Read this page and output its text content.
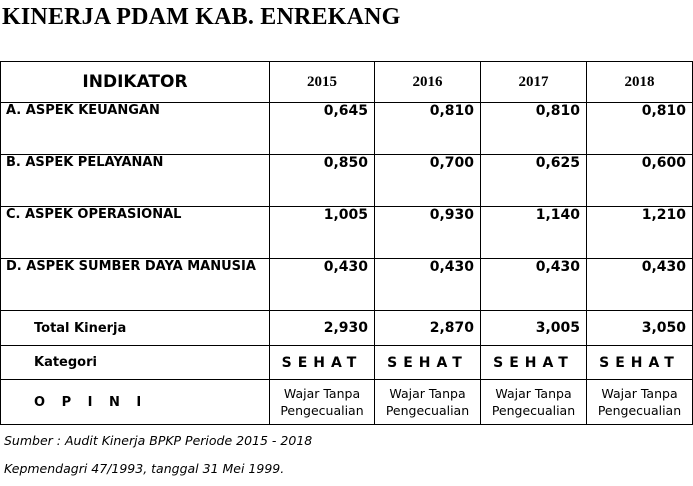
KINERJA PDAM KAB. ENREKANG
INDIKATOR	2015	2016	2017	2018
A. ASPEK KEUANGAN	0,645	0,810	0,810	0,810
B. ASPEK PELAYANAN	0,850	0,700	0,625	0,600
C. ASPEK OPERASIONAL	1,005	0,930	1,140	1,210
D. ASPEK SUMBER DAYA MANUSIA	0,430	0,430	0,430	0,430
Total Kinerja	2,930	2,870	3,005	3,050
Kategori	SEHAT	SEHAT	SEHAT	SEHAT
O P I N I	Wajar Tanpa Pengecualian	Wajar Tanpa Pengecualian	Wajar Tanpa Pengecualian	Wajar Tanpa Pengecualian
Sumber : Audit Kinerja BPKP Periode 2015 - 2018
Kepmendagri 47/1993, tanggal 31 Mei 1999.
